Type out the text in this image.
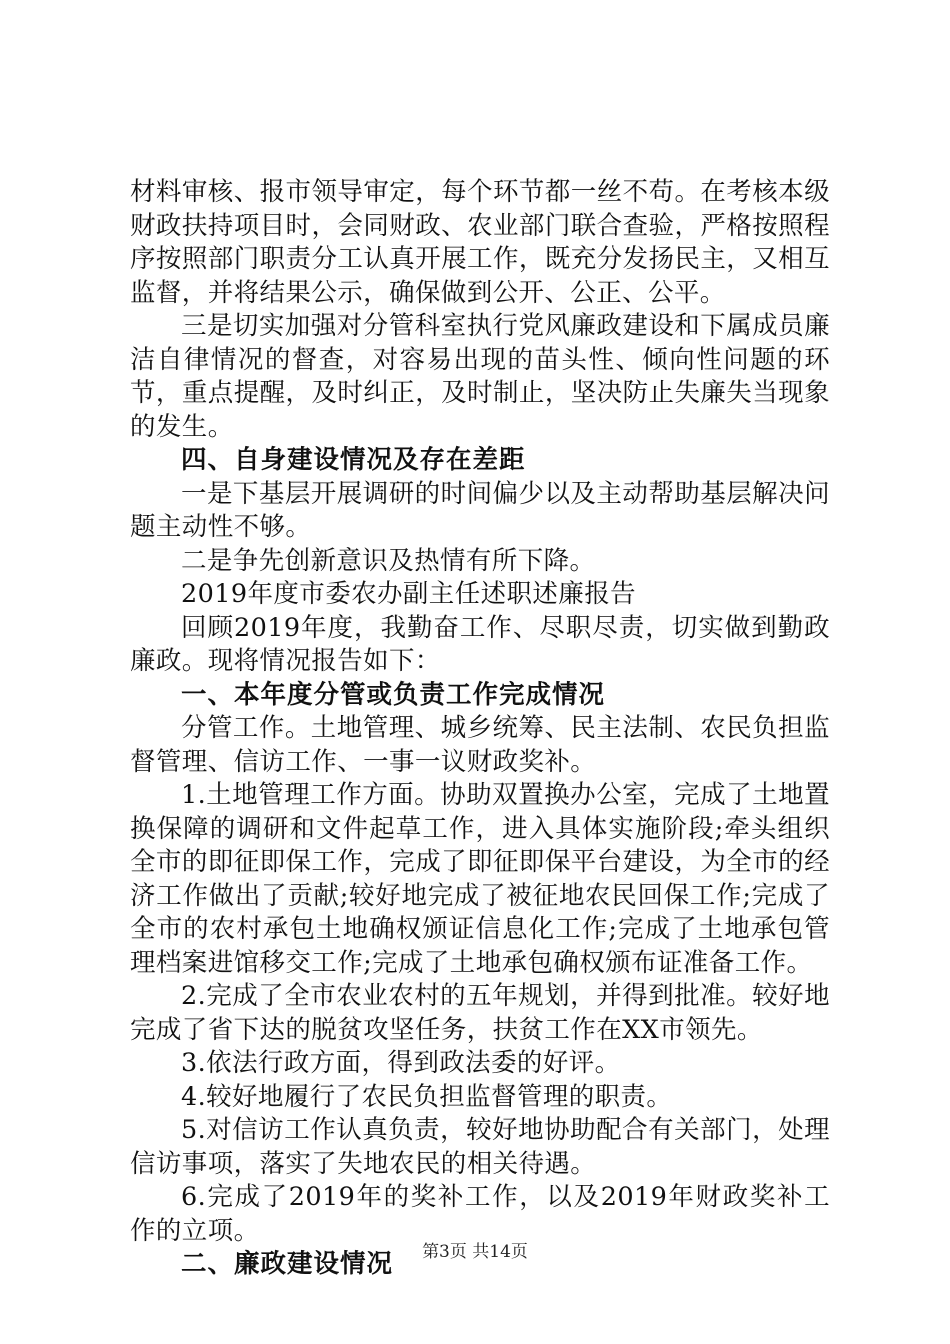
材料审核、报市领导审定，每个环节都一丝不苟。在考核本级财政扶持项目时，会同财政、农业部门联合查验，严格按照程序按照部门职责分工认真开展工作，既充分发扬民主，又相互监督，并将结果公示，确保做到公开、公正、公平。

三是切实加强对分管科室执行党风廉政建设和下属成员廉洁自律情况的督查，对容易出现的苗头性、倾向性问题的环节，重点提醒，及时纠正，及时制止，坚决防止失廉失当现象的发生。

四、自身建设情况及存在差距

一是下基层开展调研的时间偏少以及主动帮助基层解决问题主动性不够。

二是争先创新意识及热情有所下降。

2019年度市委农办副主任述职述廉报告

回顾2019年度，我勤奋工作、尽职尽责，切实做到勤政廉政。现将情况报告如下：

一、本年度分管或负责工作完成情况

分管工作。土地管理、城乡统筹、民主法制、农民负担监督管理、信访工作、一事一议财政奖补。

1.土地管理工作方面。协助双置换办公室，完成了土地置换保障的调研和文件起草工作，进入具体实施阶段;牵头组织全市的即征即保工作，完成了即征即保平台建设，为全市的经济工作做出了贡献;较好地完成了被征地农民回保工作;完成了全市的农村承包土地确权颁证信息化工作;完成了土地承包管理档案进馆移交工作;完成了土地承包确权颁布证准备工作。

2.完成了全市农业农村的五年规划，并得到批准。较好地完成了省下达的脱贫攻坚任务，扶贫工作在XX市领先。

3.依法行政方面，得到政法委的好评。

4.较好地履行了农民负担监督管理的职责。

5.对信访工作认真负责，较好地协助配合有关部门，处理信访事项，落实了失地农民的相关待遇。

6.完成了2019年的奖补工作，以及2019年财政奖补工作的立项。

二、廉政建设情况	第3页 共14页
